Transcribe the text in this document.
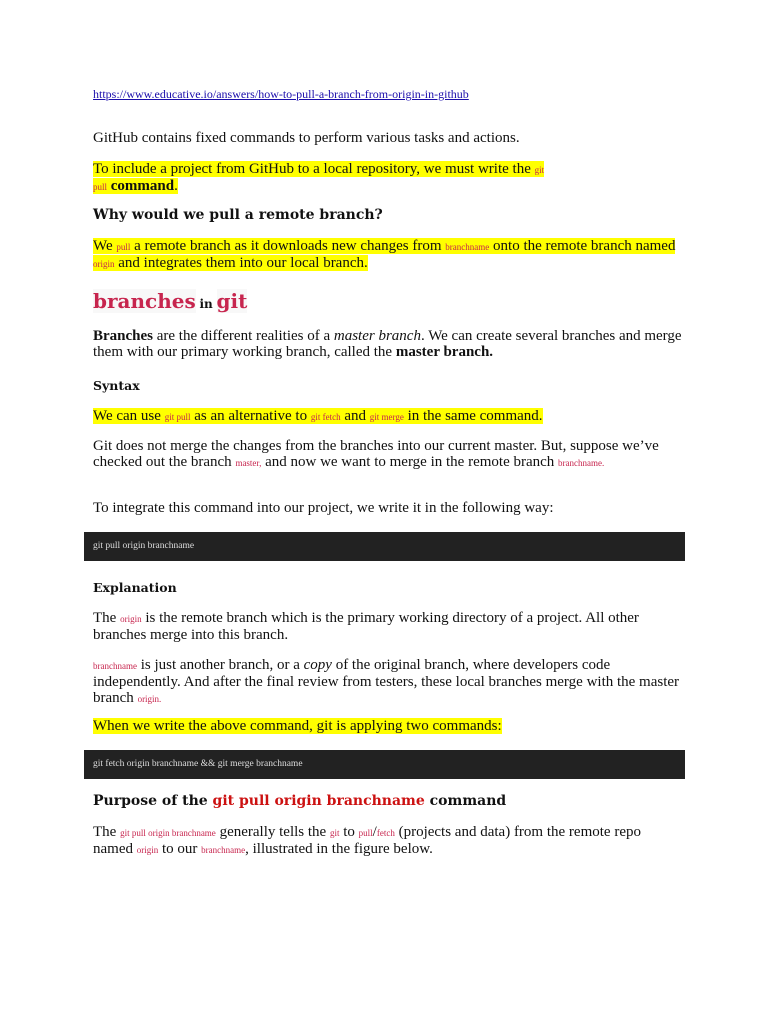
https://www.educative.io/answers/how-to-pull-a-branch-from-origin-in-github

GitHub contains fixed commands to perform various tasks and actions.

To include a project from GitHub to a local repository, we must write the git
pull command.

Why would we pull a remote branch?

We pull a remote branch as it downloads new changes from branchname onto the remote branch named origin and integrates them into our local branch.

branches in git

Branches are the different realities of a master branch. We can create several branches and merge them with our primary working branch, called the master branch.

Syntax

We can use git pull as an alternative to git fetch and git merge in the same command.

Git does not merge the changes from the branches into our current master. But, suppose we’ve checked out the branch master, and now we want to merge in the remote branch branchname.

To integrate this command into our project, we write it in the following way:

git pull origin branchname

Explanation

The origin is the remote branch which is the primary working directory of a project. All other branches merge into this branch.

branchname is just another branch, or a copy of the original branch, where developers code independently. And after the final review from testers, these local branches merge with the master branch origin.

When we write the above command, git is applying two commands:

git fetch origin branchname && git merge branchname

Purpose of the git pull origin branchname command

The git pull origin branchname generally tells the git to pull/fetch (projects and data) from the remote repo named origin to our branchname, illustrated in the figure below.
